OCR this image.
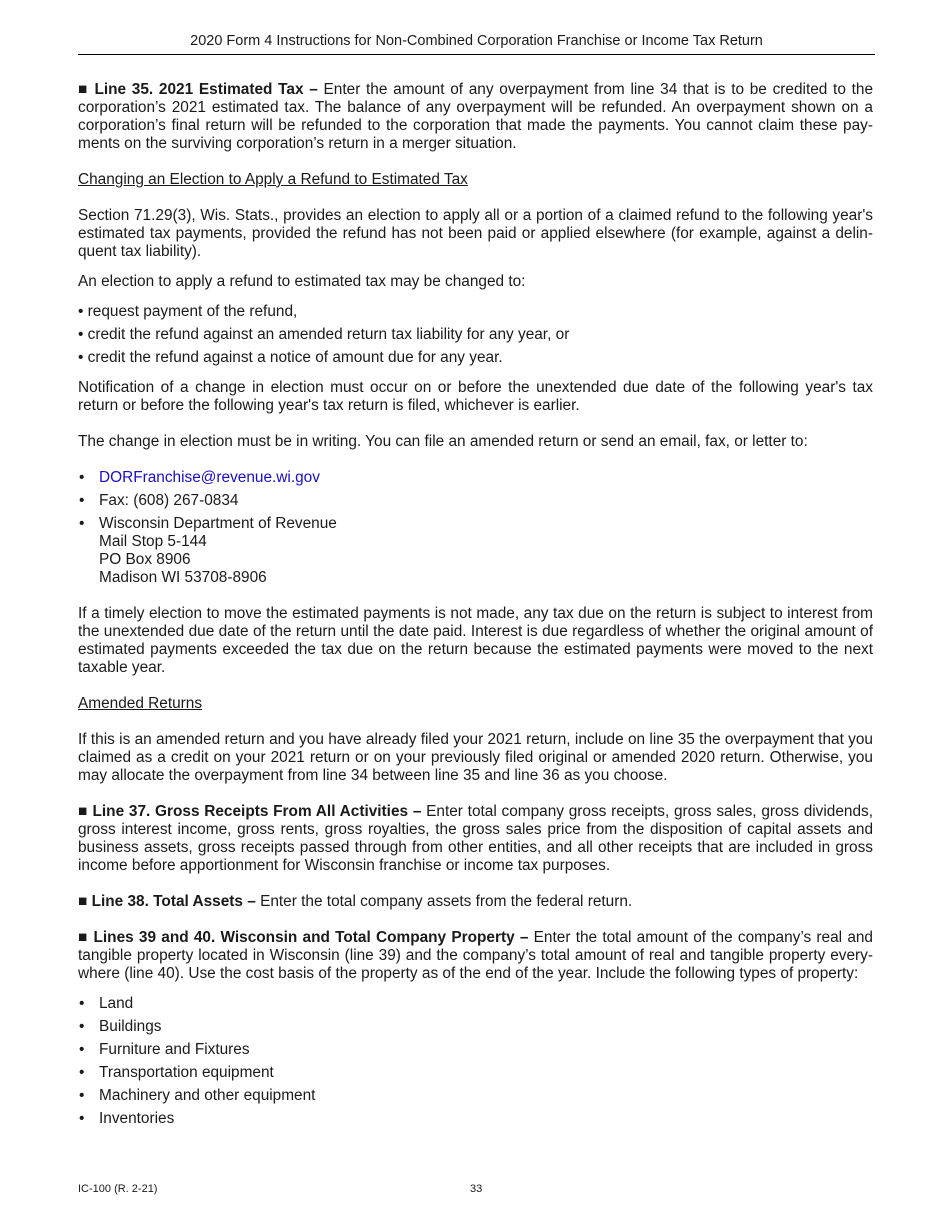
2020 Form 4 Instructions for Non-Combined Corporation Franchise or Income Tax Return

■ Line 35. 2021 Estimated Tax – Enter the amount of any overpayment from line 34 that is to be credited to the corporation’s 2021 estimated tax. The balance of any overpayment will be refunded. An overpayment shown on a corporation’s final return will be refunded to the corporation that made the payments. You cannot claim these pay-ments on the surviving corporation’s return in a merger situation.

Changing an Election to Apply a Refund to Estimated Tax

Section 71.29(3), Wis. Stats., provides an election to apply all or a portion of a claimed refund to the following year's estimated tax payments, provided the refund has not been paid or applied elsewhere (for example, against a delin-quent tax liability).

An election to apply a refund to estimated tax may be changed to:

• request payment of the refund,

• credit the refund against an amended return tax liability for any year, or

• credit the refund against a notice of amount due for any year.

Notification of a change in election must occur on or before the unextended due date of the following year's tax return or before the following year's tax return is filed, whichever is earlier.

The change in election must be in writing. You can file an amended return or send an email, fax, or letter to:

• DORFranchise@revenue.wi.gov
• Fax: (608) 267-0834
• Wisconsin Department of Revenue
Mail Stop 5-144
PO Box 8906
Madison WI 53708-8906

If a timely election to move the estimated payments is not made, any tax due on the return is subject to interest from the unextended due date of the return until the date paid. Interest is due regardless of whether the original amount of estimated payments exceeded the tax due on the return because the estimated payments were moved to the next taxable year.

Amended Returns

If this is an amended return and you have already filed your 2021 return, include on line 35 the overpayment that you claimed as a credit on your 2021 return or on your previously filed original or amended 2020 return. Otherwise, you may allocate the overpayment from line 34 between line 35 and line 36 as you choose.

■ Line 37. Gross Receipts From All Activities – Enter total company gross receipts, gross sales, gross dividends, gross interest income, gross rents, gross royalties, the gross sales price from the disposition of capital assets and business assets, gross receipts passed through from other entities, and all other receipts that are included in gross income before apportionment for Wisconsin franchise or income tax purposes.

■ Line 38. Total Assets – Enter the total company assets from the federal return.

■ Lines 39 and 40. Wisconsin and Total Company Property – Enter the total amount of the company’s real and tangible property located in Wisconsin (line 39) and the company’s total amount of real and tangible property every-where (line 40). Use the cost basis of the property as of the end of the year. Include the following types of property:

• Land
• Buildings
• Furniture and Fixtures
• Transportation equipment
• Machinery and other equipment
• Inventories
IC-100 (R. 2-21)	33
